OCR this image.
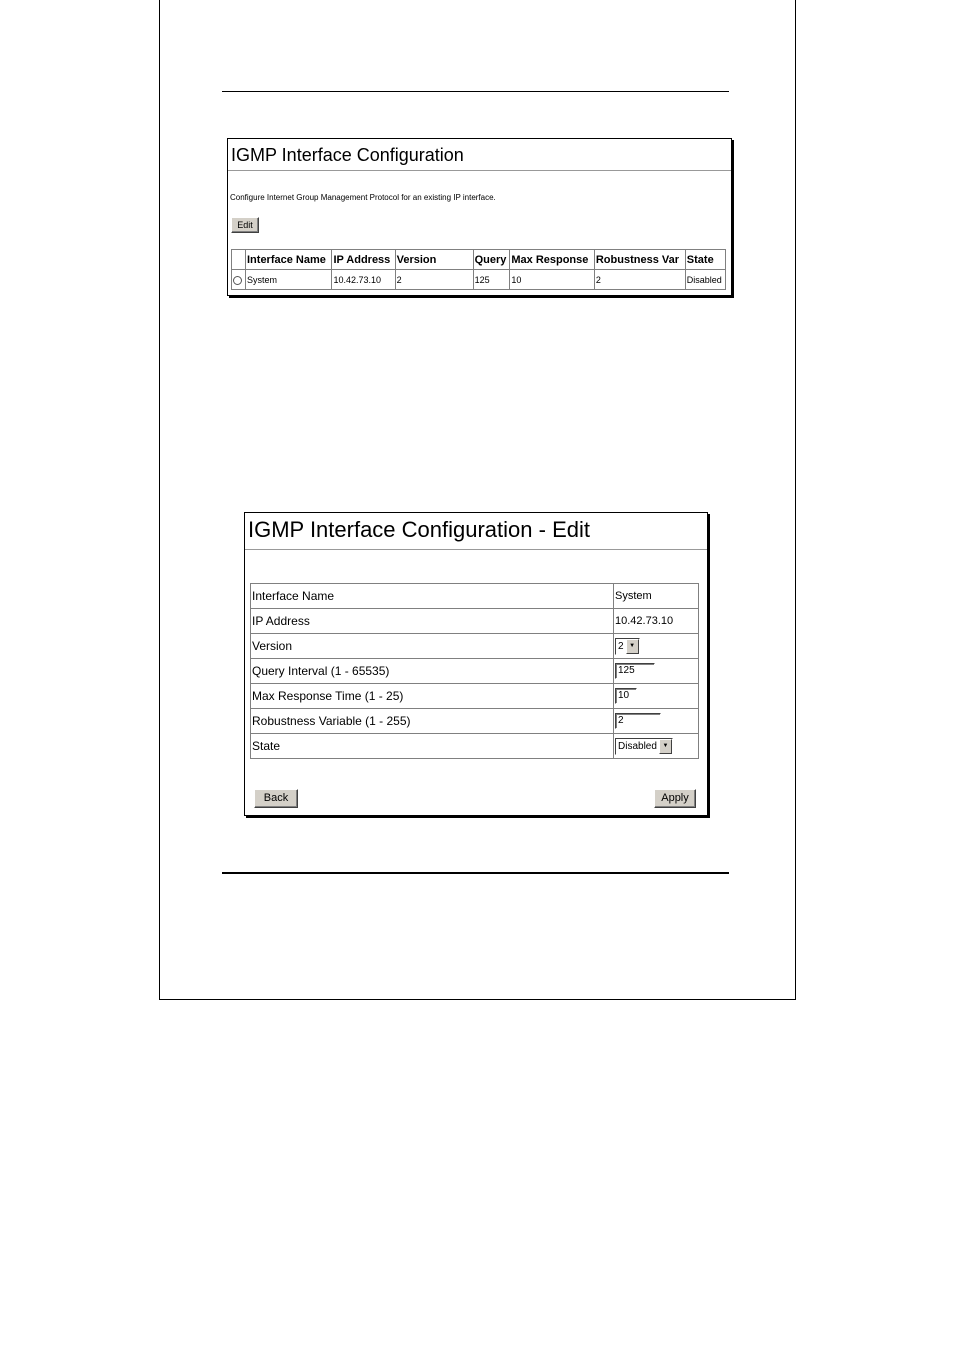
IGMP Interface Configuration
Configure Internet Group Management Protocol for an existing IP interface.
Edit
	Interface Name	IP Address	Version	Query	Max Response	Robustness Var	State
	System	10.42.73.10	2	125	10	2	Disabled
IGMP Interface Configuration - Edit
Interface Name	System
IP Address	10.42.73.10
Version	2 ▼

Query Interval (1 - 65535)	125
Max Response Time (1 - 25)	10
Robustness Variable (1 - 255)	2
State	Disabled ▼
Back	Apply
